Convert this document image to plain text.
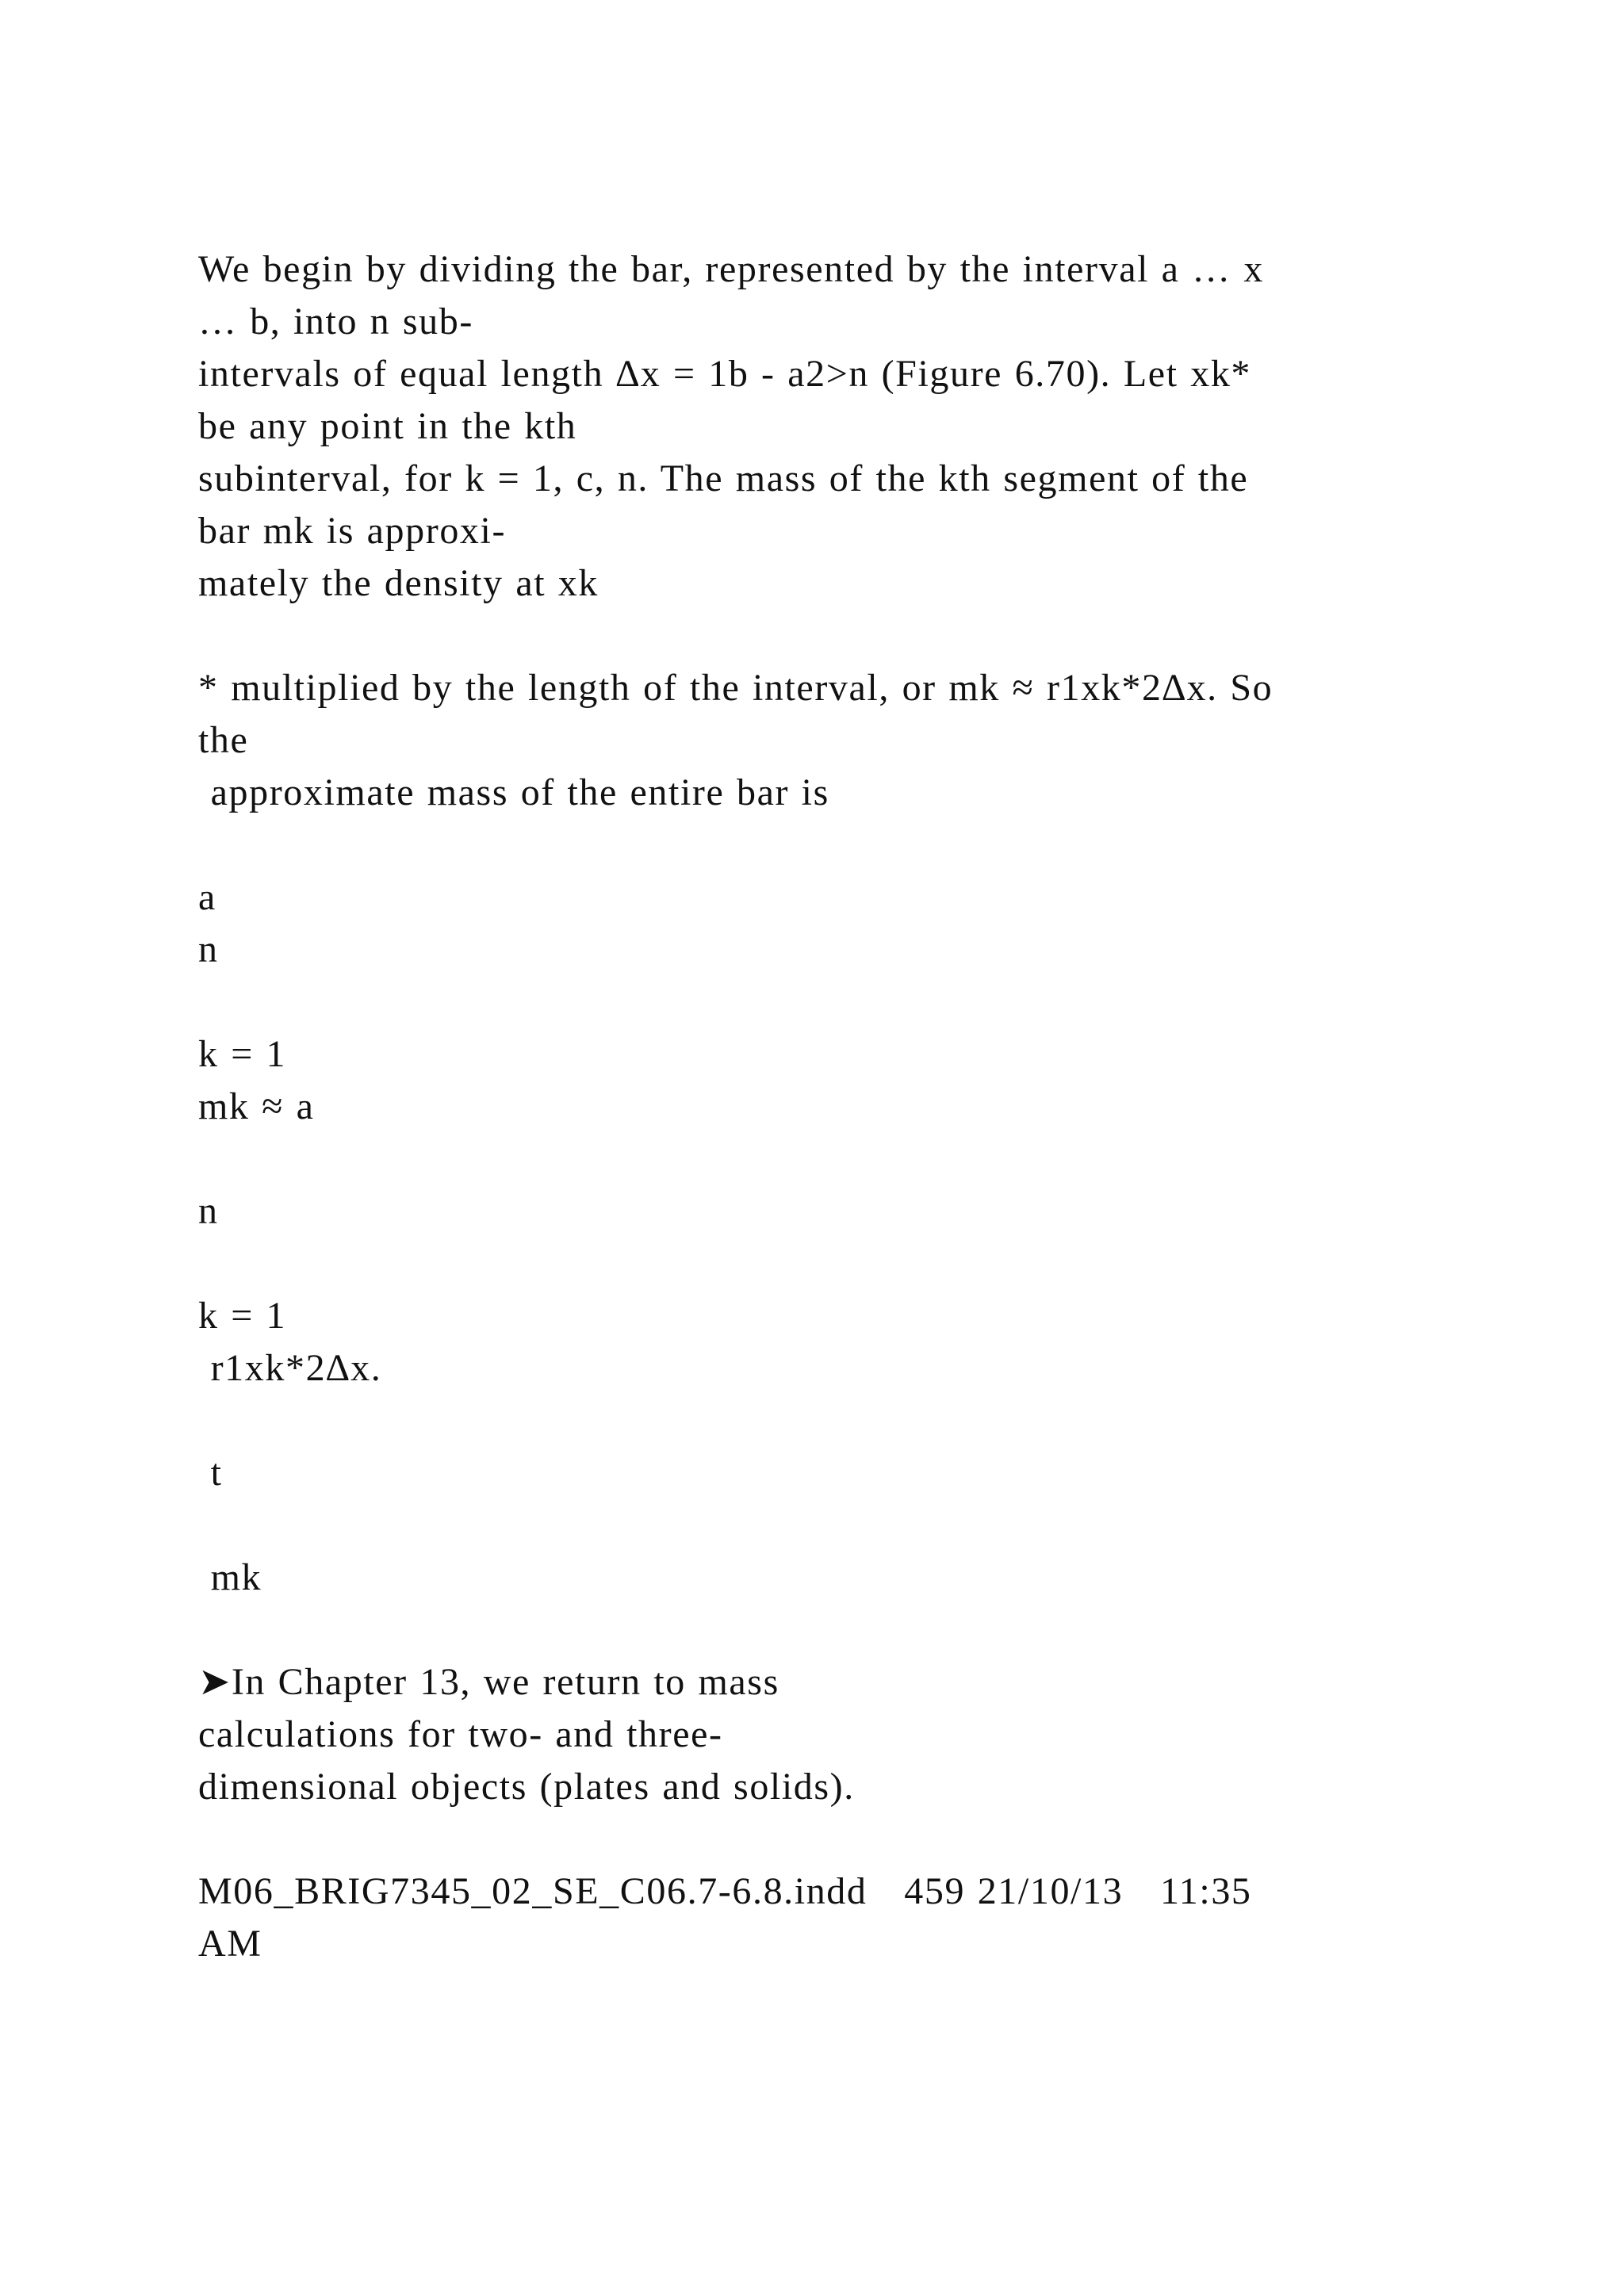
We begin by dividing the bar, represented by the interval a … x
… b, into n sub-
intervals of equal length ∆x = 1b - a2>n (Figure 6.70). Let xk*
be any point in the kth
subinterval, for k = 1, c, n. The mass of the kth segment of the
bar mk is approxi-
mately the density at xk
* multiplied by the length of the interval, or mk ≈ r1xk*2∆x. So
the
approximate mass of the entire bar is
a
n
k = 1
mk ≈ a
n
k = 1
r1xk*2∆x.
t
mk
➤In Chapter 13, we return to mass
calculations for two- and three-
dimensional objects (plates and solids).
M06_BRIG7345_02_SE_C06.7-6.8.indd   459 21/10/13   11:35
AM
